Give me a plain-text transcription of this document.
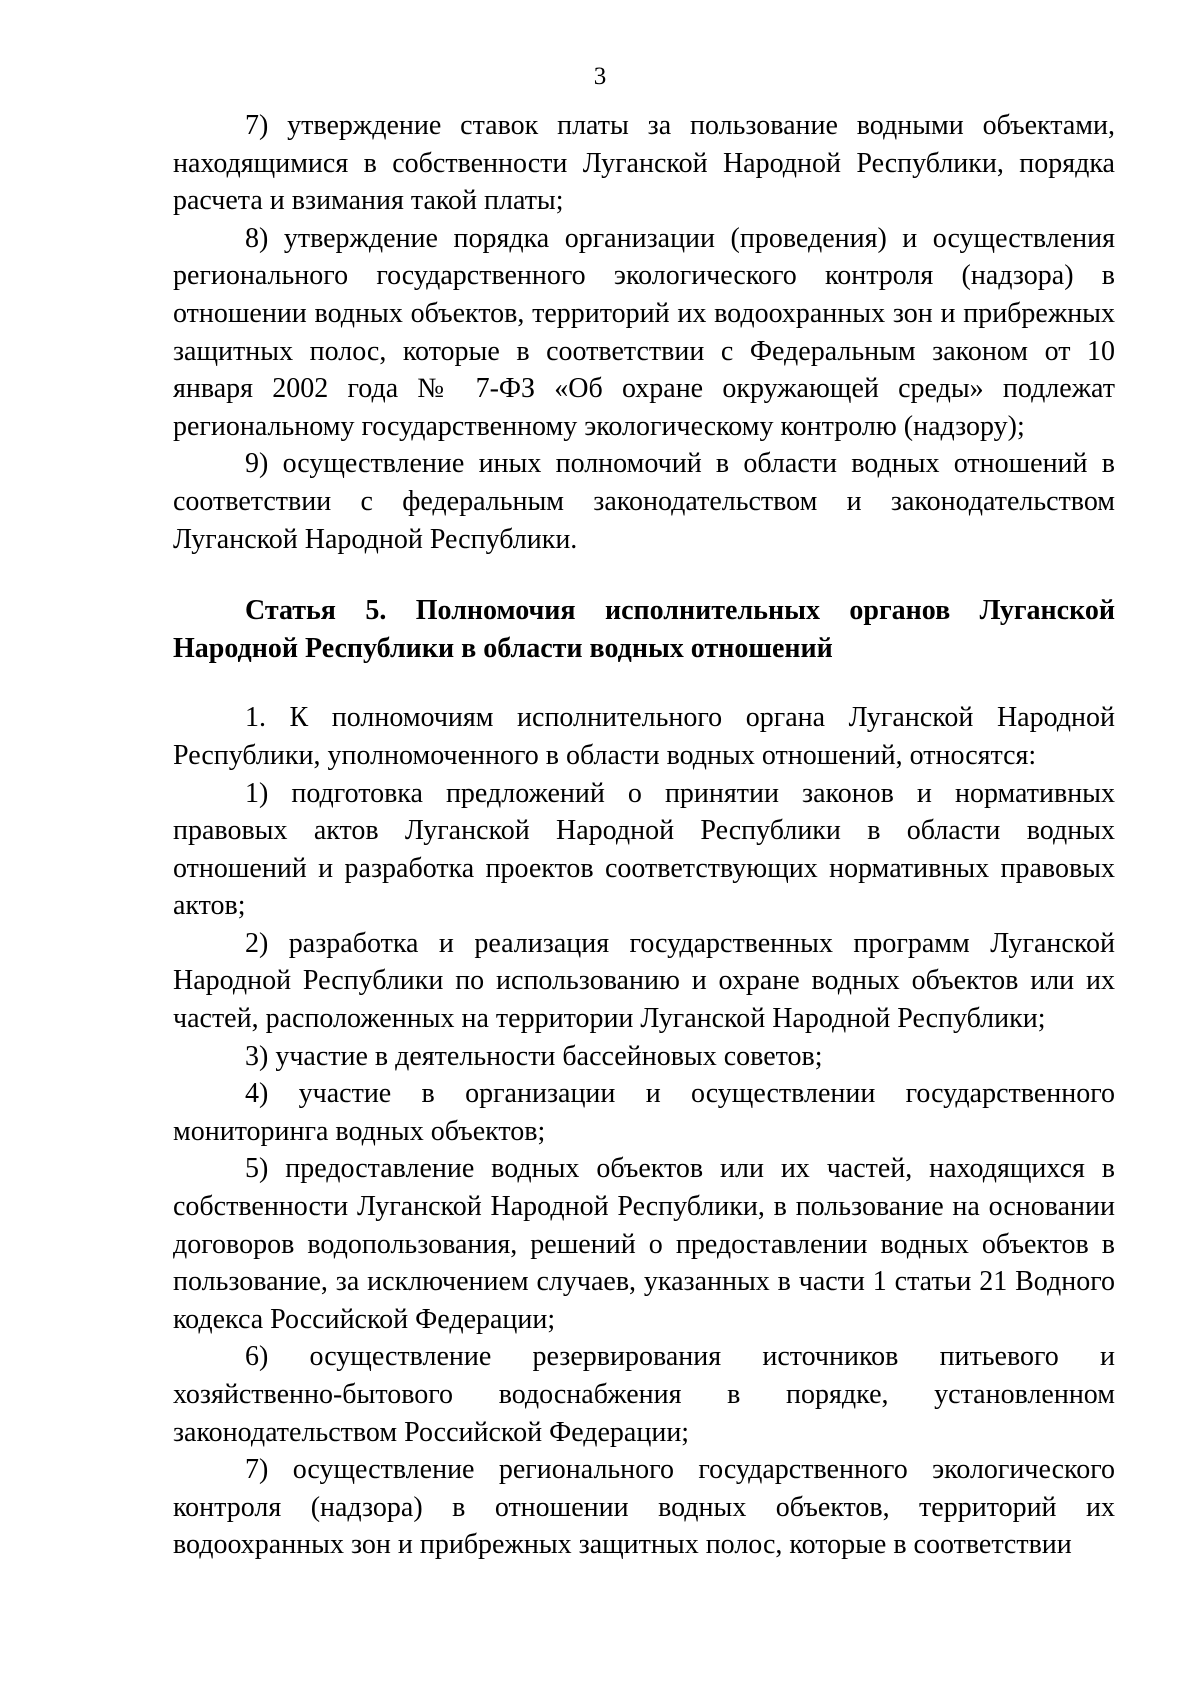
3

7) утверждение ставок платы за пользование водными объектами, находящимися в собственности Луганской Народной Республики, порядка расчета и взимания такой платы;

8) утверждение порядка организации (проведения) и осуществления регионального государственного экологического контроля (надзора) в отношении водных объектов, территорий их водоохранных зон и прибрежных защитных полос, которые в соответствии с Федеральным законом от 10 января 2002 года № 7-ФЗ «Об охране окружающей среды» подлежат региональному государственному экологическому контролю (надзору);

9) осуществление иных полномочий в области водных отношений в соответствии с федеральным законодательством и законодательством Луганской Народной Республики.

Статья 5. Полномочия исполнительных органов Луганской Народной Республики в области водных отношений

1. К полномочиям исполнительного органа Луганской Народной Республики, уполномоченного в области водных отношений, относятся:

1) подготовка предложений о принятии законов и нормативных правовых актов Луганской Народной Республики в области водных отношений и разработка проектов соответствующих нормативных правовых актов;

2) разработка и реализация государственных программ Луганской Народной Республики по использованию и охране водных объектов или их частей, расположенных на территории Луганской Народной Республики;

3) участие в деятельности бассейновых советов;

4) участие в организации и осуществлении государственного мониторинга водных объектов;

5) предоставление водных объектов или их частей, находящихся в собственности Луганской Народной Республики, в пользование на основании договоров водопользования, решений о предоставлении водных объектов в пользование, за исключением случаев, указанных в части 1 статьи 21 Водного кодекса Российской Федерации;

6) осуществление резервирования источников питьевого и хозяйственно-бытового водоснабжения в порядке, установленном законодательством Российской Федерации;

7) осуществление регионального государственного экологического контроля (надзора) в отношении водных объектов, территорий их водоохранных зон и прибрежных защитных полос, которые в соответствии
